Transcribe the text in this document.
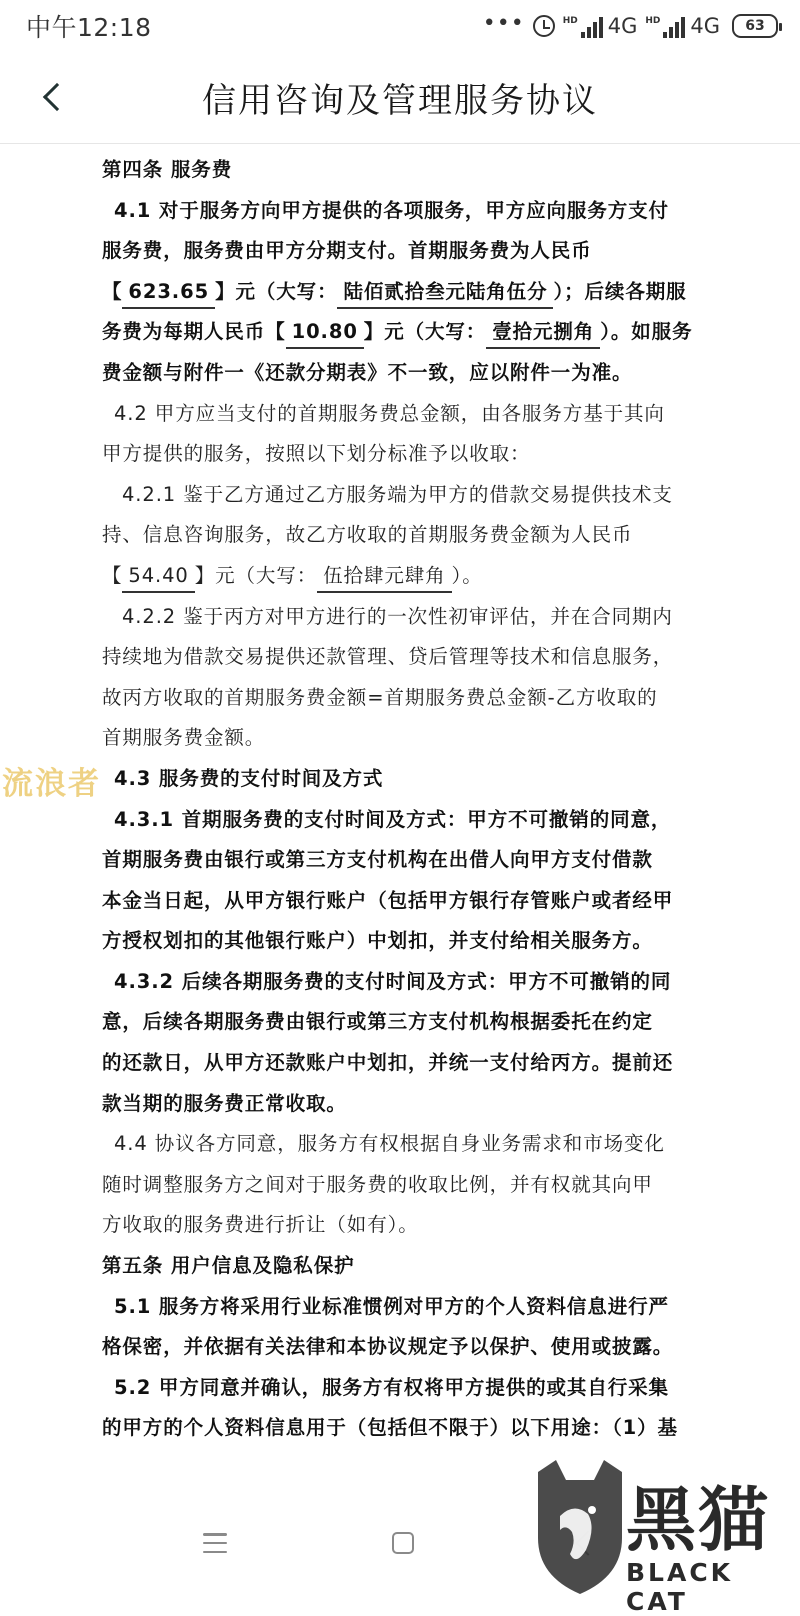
中午12:18	•••	HD 4G HD 4G	63
信用咨询及管理服务协议
第四条 服务费
4.1 对于服务方向甲方提供的各项服务，甲方应向服务方支付
服务费，服务费由甲方分期支付。首期服务费为人民币
【 623.65 】元（大写： 陆佰贰拾叁元陆角伍分 ）；后续各期服
务费为每期人民币【 10.80 】元（大写： 壹拾元捌角 ）。如服务
费金额与附件一《还款分期表》不一致，应以附件一为准。
4.2 甲方应当支付的首期服务费总金额，由各服务方基于其向
甲方提供的服务，按照以下划分标准予以收取：
4.2.1 鉴于乙方通过乙方服务端为甲方的借款交易提供技术支
持、信息咨询服务，故乙方收取的首期服务费金额为人民币
【 54.40 】元（大写： 伍拾肆元肆角 ）。
4.2.2 鉴于丙方对甲方进行的一次性初审评估，并在合同期内
持续地为借款交易提供还款管理、贷后管理等技术和信息服务，
故丙方收取的首期服务费金额=首期服务费总金额-乙方收取的
首期服务费金额。
4.3 服务费的支付时间及方式
4.3.1 首期服务费的支付时间及方式：甲方不可撤销的同意，
首期服务费由银行或第三方支付机构在出借人向甲方支付借款
本金当日起，从甲方银行账户（包括甲方银行存管账户或者经甲
方授权划扣的其他银行账户）中划扣，并支付给相关服务方。
4.3.2 后续各期服务费的支付时间及方式：甲方不可撤销的同
意，后续各期服务费由银行或第三方支付机构根据委托在约定
的还款日，从甲方还款账户中划扣，并统一支付给丙方。提前还
款当期的服务费正常收取。
4.4 协议各方同意，服务方有权根据自身业务需求和市场变化
随时调整服务方之间对于服务费的收取比例，并有权就其向甲
方收取的服务费进行折让（如有）。
第五条 用户信息及隐私保护
5.1 服务方将采用行业标准惯例对甲方的个人资料信息进行严
格保密，并依据有关法律和本协议规定予以保护、使用或披露。
5.2 甲方同意并确认，服务方有权将甲方提供的或其自行采集
的甲方的个人资料信息用于（包括但不限于）以下用途：（1）基
流浪者
黑猫
BLACK CAT
